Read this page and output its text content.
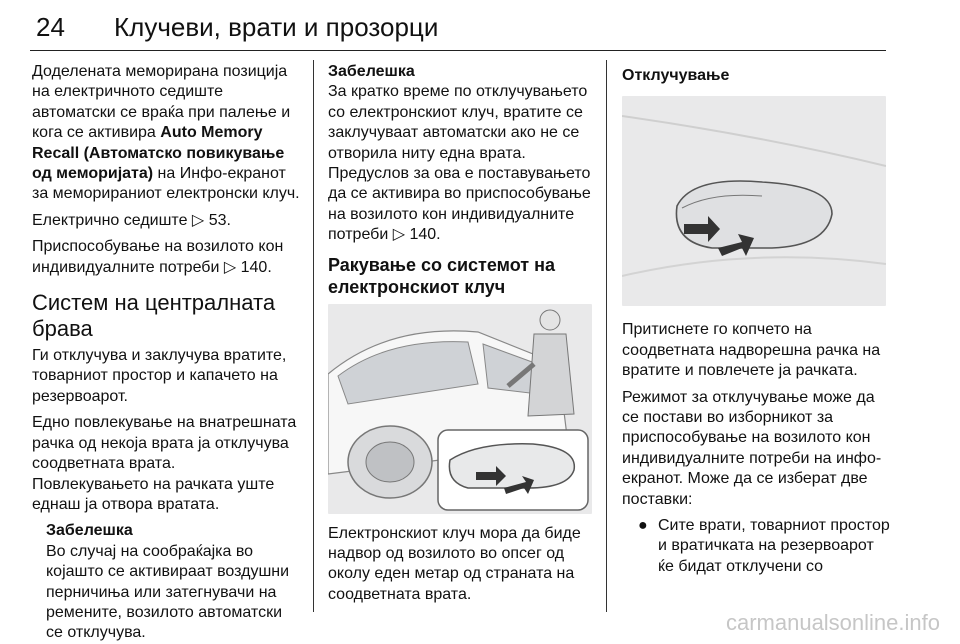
24 Клучеви, врати и прозорци

Доделената меморирана позиција на електричното седиште автоматски се враќа при палење и кога се активира Auto Memory Recall (Автоматско повикување од меморијата) на Инфо-екранот за меморираниот електронски клуч.

Електрично седиште ▷ 53.

Приспособување на возилото кон индивидуалните потреби ▷ 140.

Систем на централната брава

Ги отклучува и заклучува вратите, товарниот простор и капачето на резервоарот.

Едно повлекување на внатрешната рачка од некоја врата ја отклучува соодветната врата.

Повлекувањето на рачката уште еднаш ја отвора вратата.

Забелешка
Во случај на сообраќајка во којашто се активираат воздушни перничиња или затегнувачи на ремените, возилото автоматски се отклучува.
Забелешка
За кратко време по отклучувањето со електронскиот клуч, вратите се заклучуваат автоматски ако не се отворила ниту една врата. Предуслов за ова е поставувањето да се активира во приспособување на возилото кон индивидуалните потреби ▷ 140.
Ракување со системот на електронскиот клуч

Електронскиот клуч мора да биде надвор од возилото во опсег од околу еден метар од страната на соодветната врата.

Отклучување

Притиснете го копчето на соодветната надворешна рачка на вратите и повлечете ја рачката.

Режимот за отклучување може да се постави во изборникот за приспособување на возилото кон индивидуалните потреби на инфо-екранот. Може да се изберат две поставки:

● Сите врати, товарниот простор и вратичката на резервоарот ќе бидат отклучени со
carmanualsonline.info
